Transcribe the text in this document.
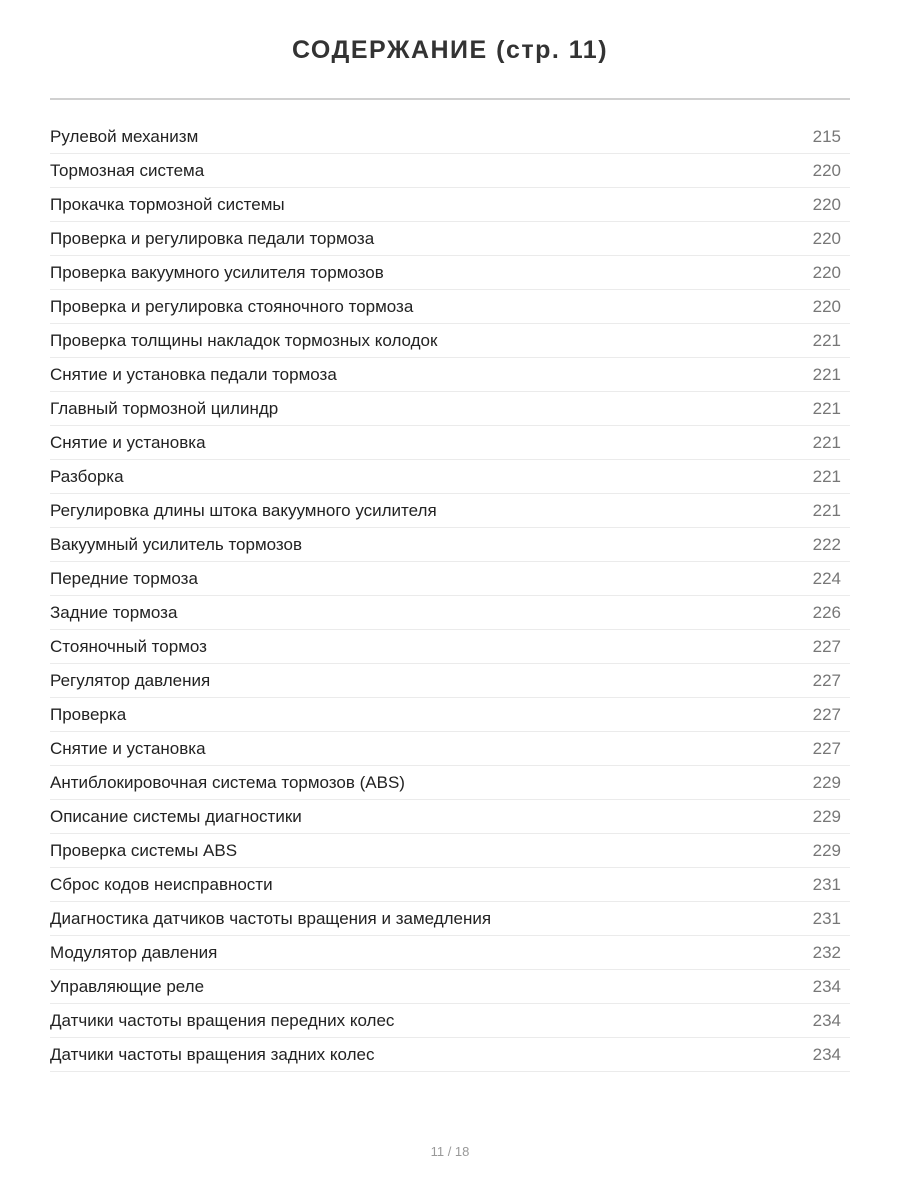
СОДЕРЖАНИЕ (стр. 11)
Рулевой механизм	215
Тормозная система	220
Прокачка тормозной системы	220
Проверка и регулировка педали тормоза	220
Проверка вакуумного усилителя тормозов	220
Проверка и регулировка стояночного тормоза	220
Проверка толщины накладок тормозных колодок	221
Снятие и установка педали тормоза	221
Главный тормозной цилиндр	221
Снятие и установка	221
Разборка	221
Регулировка длины штока вакуумного усилителя	221
Вакуумный усилитель тормозов	222
Передние тормоза	224
Задние тормоза	226
Стояночный тормоз	227
Регулятор давления	227
Проверка	227
Снятие и установка	227
Антиблокировочная система тормозов (ABS)	229
Описание системы диагностики	229
Проверка системы ABS	229
Сброс кодов неисправности	231
Диагностика датчиков частоты вращения и замедления	231
Модулятор давления	232
Управляющие реле	234
Датчики частоты вращения передних колес	234
Датчики частоты вращения задних колес	234
11 / 18
